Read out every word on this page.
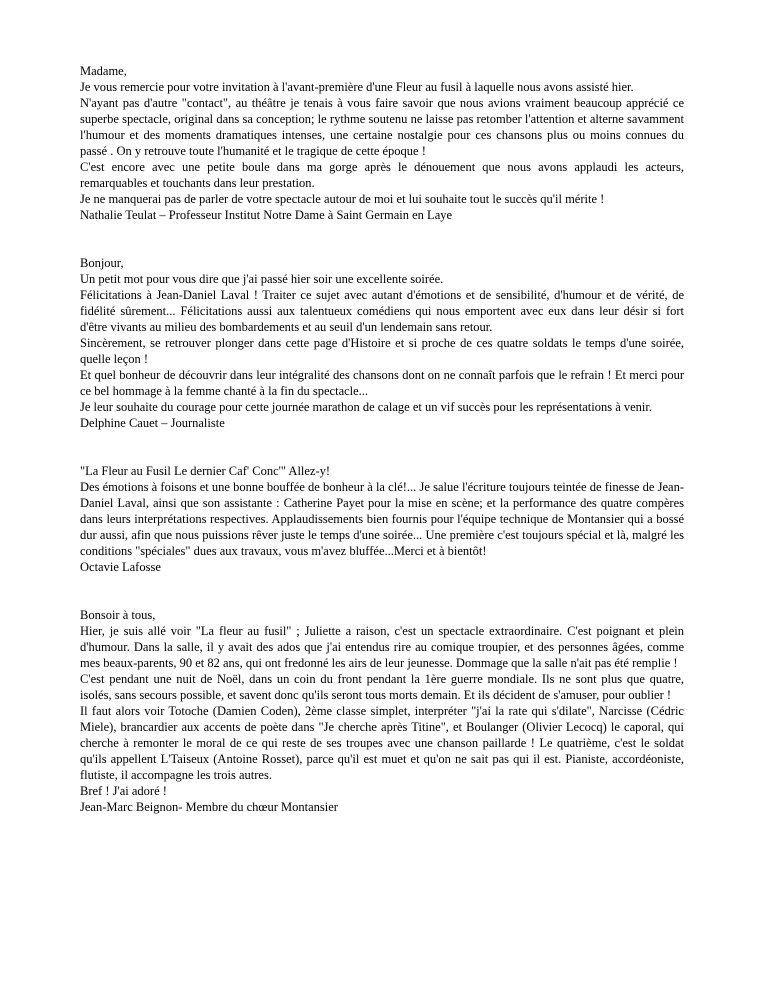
Madame,

Je vous remercie pour votre invitation à l'avant-première d'une Fleur au fusil à laquelle nous avons assisté hier.

N'ayant pas d'autre "contact", au théâtre je tenais à vous faire savoir que nous avions vraiment beaucoup apprécié ce superbe spectacle, original dans sa conception; le rythme soutenu ne laisse pas retomber l'attention et alterne savamment l'humour et des moments dramatiques intenses, une certaine nostalgie pour ces chansons plus ou moins connues du passé . On y retrouve toute l'humanité et le tragique de cette époque !

C'est encore avec une petite boule dans ma gorge après le dénouement que nous avons applaudi les acteurs, remarquables et touchants dans leur prestation.

Je ne manquerai pas de parler de votre spectacle autour de moi et lui souhaite tout le succès qu'il mérite !

Nathalie Teulat – Professeur Institut Notre Dame à Saint Germain en Laye

Bonjour,

Un petit mot pour vous dire que j'ai passé hier soir une excellente soirée.

Félicitations à Jean-Daniel Laval ! Traiter ce sujet avec autant d'émotions et de sensibilité, d'humour et de vérité, de fidélité sûrement... Félicitations aussi aux talentueux comédiens qui nous emportent avec eux dans leur désir si fort d'être vivants au milieu des bombardements et au seuil d'un lendemain sans retour.

Sincèrement, se retrouver plonger dans cette page d'Histoire et si proche de ces quatre soldats le temps d'une soirée, quelle leçon !

Et quel bonheur de découvrir dans leur intégralité des chansons dont on ne connaît parfois que le refrain ! Et merci pour ce bel hommage à la femme chanté à la fin du spectacle...

Je leur souhaite du courage pour cette journée marathon de calage et un vif succès pour les représentations à venir.

Delphine Cauet – Journaliste

"La Fleur au Fusil Le dernier Caf' Conc'" Allez-y!

Des émotions à foisons et une bonne bouffée de bonheur à la clé!... Je salue l'écriture toujours teintée de finesse de Jean-Daniel Laval, ainsi que son assistante : Catherine Payet pour la mise en scène; et la performance des quatre compères dans leurs interprétations respectives. Applaudissements bien fournis pour l'équipe technique de Montansier qui a bossé dur aussi, afin que nous puissions rêver juste le temps d'une soirée... Une première c'est toujours spécial et là, malgré les conditions "spéciales" dues aux travaux, vous m'avez bluffée...Merci et à bientôt!

Octavie Lafosse

Bonsoir à tous,

Hier, je suis allé voir "La fleur au fusil" ; Juliette a raison, c'est un spectacle extraordinaire. C'est poignant et plein d'humour. Dans la salle, il y avait des ados que j'ai entendus rire au comique troupier, et des personnes âgées, comme mes beaux-parents, 90 et 82 ans, qui ont fredonné les airs de leur jeunesse. Dommage que la salle n'ait pas été remplie !

C'est pendant une nuit de Noël, dans un coin du front pendant la 1ère guerre mondiale. Ils ne sont plus que quatre, isolés, sans secours possible, et savent donc qu'ils seront tous morts demain. Et ils décident de s'amuser, pour oublier !

Il faut alors voir Totoche (Damien Coden), 2ème classe simplet, interpréter "j'ai la rate qui s'dilate", Narcisse (Cédric Miele), brancardier aux accents de poète dans "Je cherche après Titine", et Boulanger (Olivier Lecocq) le caporal, qui cherche à remonter le moral de ce qui reste de ses troupes avec une chanson paillarde ! Le quatrième, c'est le soldat qu'ils appellent L'Taiseux (Antoine Rosset), parce qu'il est muet et qu'on ne sait pas qui il est. Pianiste, accordéoniste, flutiste, il accompagne les trois autres.

Bref ! J'ai adoré !

Jean-Marc Beignon- Membre du chœur Montansier
